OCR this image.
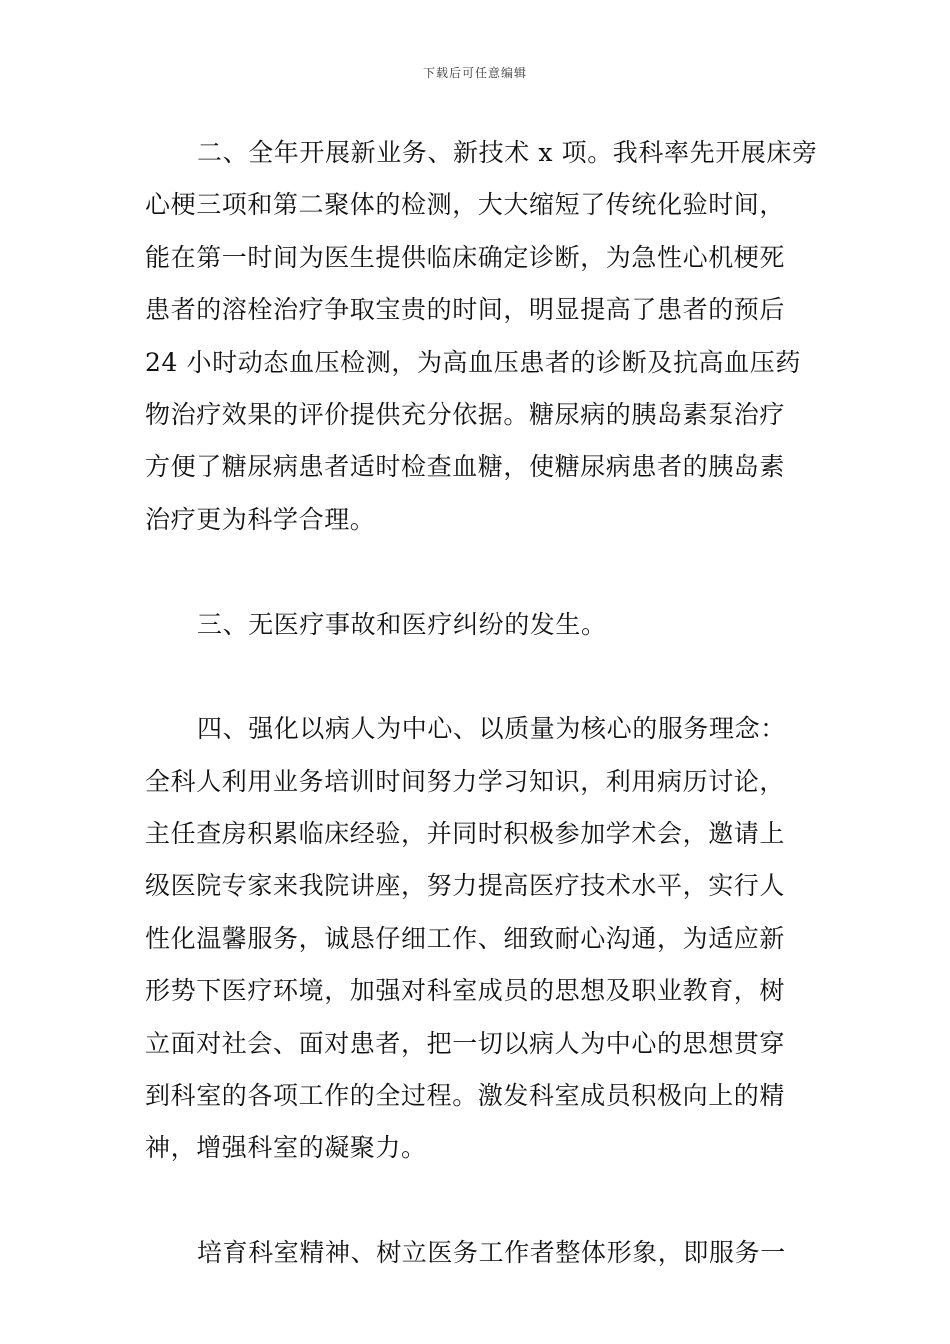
下载后可任意编辑
二、全年开展新业务、新技术 x 项。我科率先开展床旁
心梗三项和第二聚体的检测，大大缩短了传统化验时间，
能在第一时间为医生提供临床确定诊断，为急性心机梗死
患者的溶栓治疗争取宝贵的时间，明显提高了患者的预后
24 小时动态血压检测，为高血压患者的诊断及抗高血压药
物治疗效果的评价提供充分依据。糖尿病的胰岛素泵治疗
方便了糖尿病患者适时检查血糖，使糖尿病患者的胰岛素
治疗更为科学合理。
三、无医疗事故和医疗纠纷的发生。
四、强化以病人为中心、以质量为核心的服务理念：
全科人利用业务培训时间努力学习知识，利用病历讨论，
主任查房积累临床经验，并同时积极参加学术会，邀请上
级医院专家来我院讲座，努力提高医疗技术水平，实行人
性化温馨服务，诚恳仔细工作、细致耐心沟通，为适应新
形势下医疗环境，加强对科室成员的思想及职业教育，树
立面对社会、面对患者，把一切以病人为中心的思想贯穿
到科室的各项工作的全过程。激发科室成员积极向上的精
神，增强科室的凝聚力。
培育科室精神、树立医务工作者整体形象，即服务一
